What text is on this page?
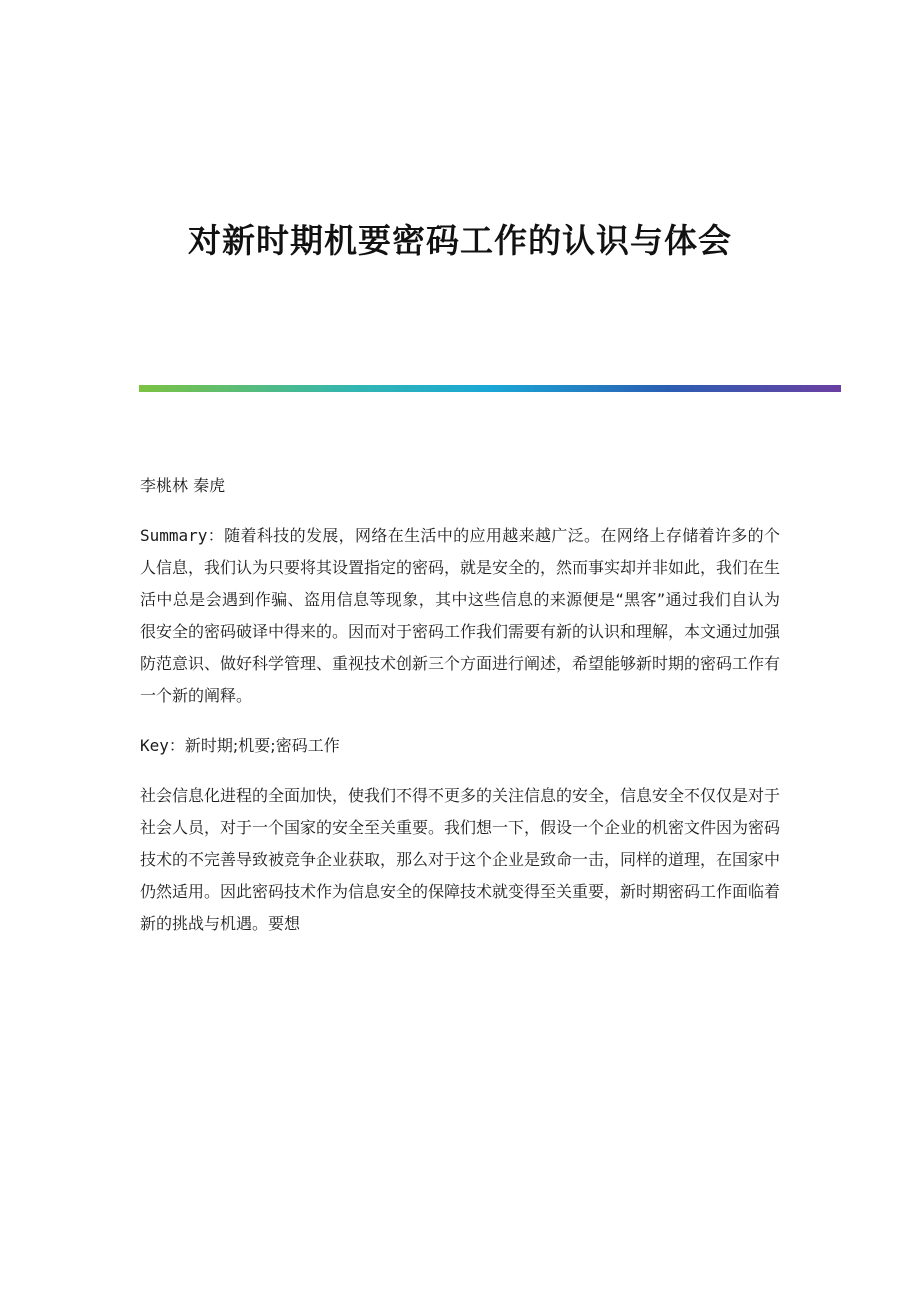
对新时期机要密码工作的认识与体会

李桃林 秦虎

Summary：随着科技的发展，网络在生活中的应用越来越广泛。在网络上存储着许多的个人信息，我们认为只要将其设置指定的密码，就是安全的，然而事实却并非如此，我们在生活中总是会遇到作骗、盗用信息等现象，其中这些信息的来源便是“黑客”通过我们自认为很安全的密码破译中得来的。因而对于密码工作我们需要有新的认识和理解，本文通过加强防范意识、做好科学管理、重视技术创新三个方面进行阐述，希望能够新时期的密码工作有一个新的阐释。

Key：新时期;机要;密码工作

社会信息化进程的全面加快，使我们不得不更多的关注信息的安全，信息安全不仅仅是对于社会人员，对于一个国家的安全至关重要。我们想一下，假设一个企业的机密文件因为密码技术的不完善导致被竞争企业获取，那么对于这个企业是致命一击，同样的道理，在国家中仍然适用。因此密码技术作为信息安全的保障技术就变得至关重要，新时期密码工作面临着新的挑战与机遇。要想
